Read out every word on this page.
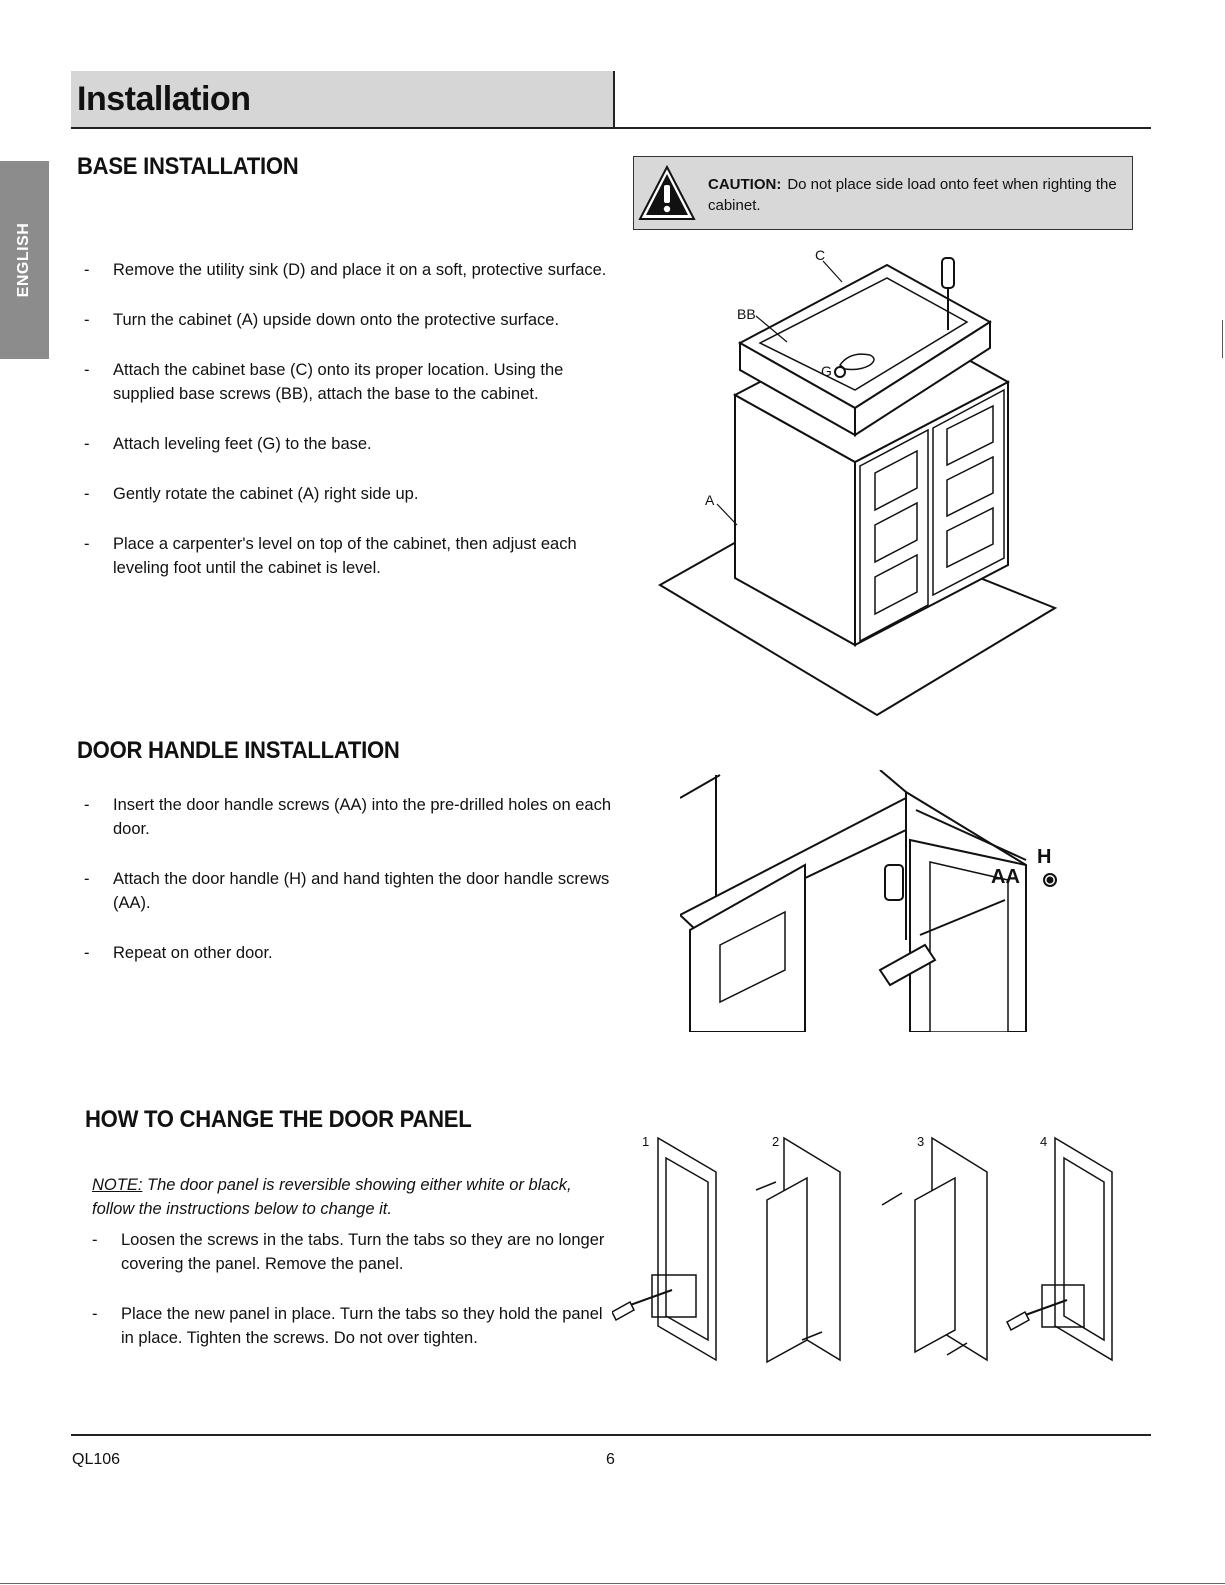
Installation
ENGLISH
BASE INSTALLATION
- Remove the utility sink (D) and place it on a soft, protective surface.
- Turn the cabinet (A) upside down onto the protective surface.
- Attach the cabinet base (C) onto its proper location. Using the supplied base screws (BB), attach the base to the cabinet.
- Attach leveling feet (G) to the base.
- Gently rotate the cabinet (A) right side up.
- Place a carpenter's level on top of the cabinet, then adjust each leveling foot until the cabinet is level.
CAUTION: Do not place side load onto feet when righting the cabinet.
C
BB
G
A
DOOR HANDLE INSTALLATION
- Insert the door handle screws (AA) into the pre-drilled holes on each door.
- Attach the door handle (H) and hand tighten the door handle screws (AA).
- Repeat on other door.
H
AA
HOW TO CHANGE THE DOOR PANEL
NOTE: The door panel is reversible showing either white or black, follow the instructions below to change it.
- Loosen the screws in the tabs. Turn the tabs so they are no longer covering the panel. Remove the panel.
- Place the new panel in place. Turn the tabs so they hold the panel in place. Tighten the screws. Do not over tighten.
1	2	3	4
QL106	6
